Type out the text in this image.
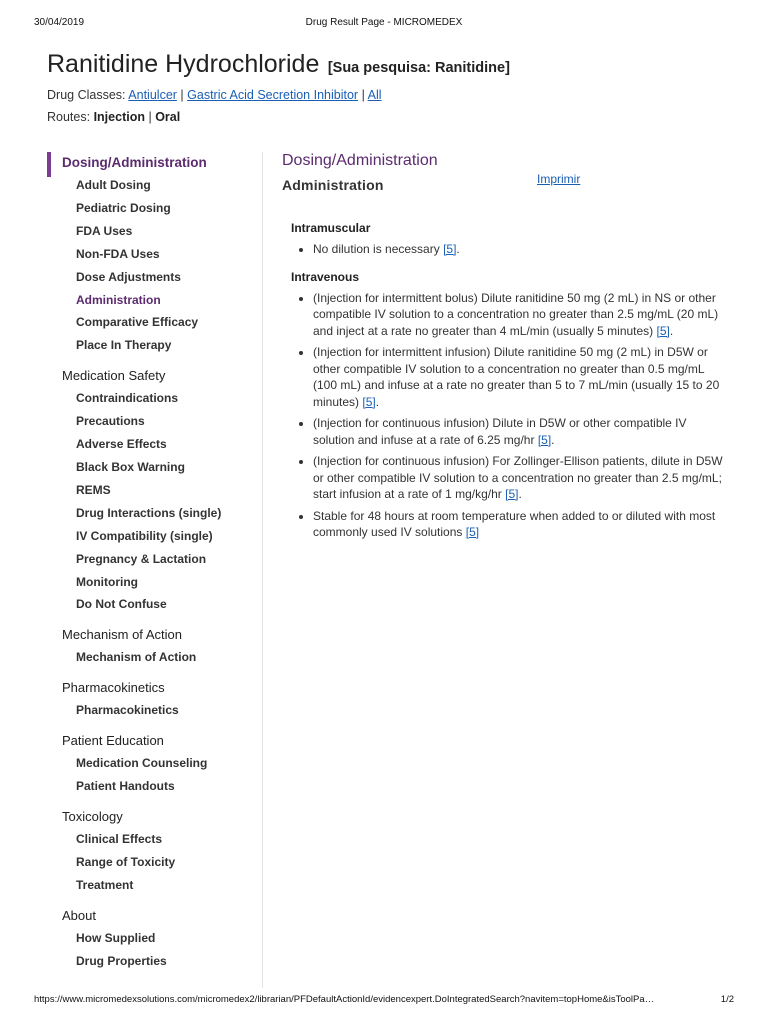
30/04/2019	Drug Result Page - MICROMEDEX
Ranitidine Hydrochloride [Sua pesquisa: Ranitidine]
Drug Classes: Antiulcer | Gastric Acid Secretion Inhibitor | All
Routes: Injection | Oral
Dosing/Administration
Adult Dosing
Pediatric Dosing
FDA Uses
Non-FDA Uses
Dose Adjustments
Administration
Comparative Efficacy
Place In Therapy
Medication Safety
Contraindications
Precautions
Adverse Effects
Black Box Warning
REMS
Drug Interactions (single)
IV Compatibility (single)
Pregnancy & Lactation
Monitoring
Do Not Confuse
Mechanism of Action
Mechanism of Action
Pharmacokinetics
Pharmacokinetics
Patient Education
Medication Counseling
Patient Handouts
Toxicology
Clinical Effects
Range of Toxicity
Treatment
About
How Supplied
Drug Properties
Dosing/Administration
Administration	Imprimir
Intramuscular
• No dilution is necessary [5].
Intravenous
• (Injection for intermittent bolus) Dilute ranitidine 50 mg (2 mL) in NS or other compatible IV solution to a concentration no greater than 2.5 mg/mL (20 mL) and inject at a rate no greater than 4 mL/min (usually 5 minutes) [5].
• (Injection for intermittent infusion) Dilute ranitidine 50 mg (2 mL) in D5W or other compatible IV solution to a concentration no greater than 0.5 mg/mL (100 mL) and infuse at a rate no greater than 5 to 7 mL/min (usually 15 to 20 minutes) [5].
• (Injection for continuous infusion) Dilute in D5W or other compatible IV solution and infuse at a rate of 6.25 mg/hr [5].
• (Injection for continuous infusion) For Zollinger-Ellison patients, dilute in D5W or other compatible IV solution to a concentration no greater than 2.5 mg/mL; start infusion at a rate of 1 mg/kg/hr [5].
• Stable for 48 hours at room temperature when added to or diluted with most commonly used IV solutions [5]
https://www.micromedexsolutions.com/micromedex2/librarian/PFDefaultActionId/evidencexpert.DoIntegratedSearch?navitem=topHome&isToolPa…	1/2
